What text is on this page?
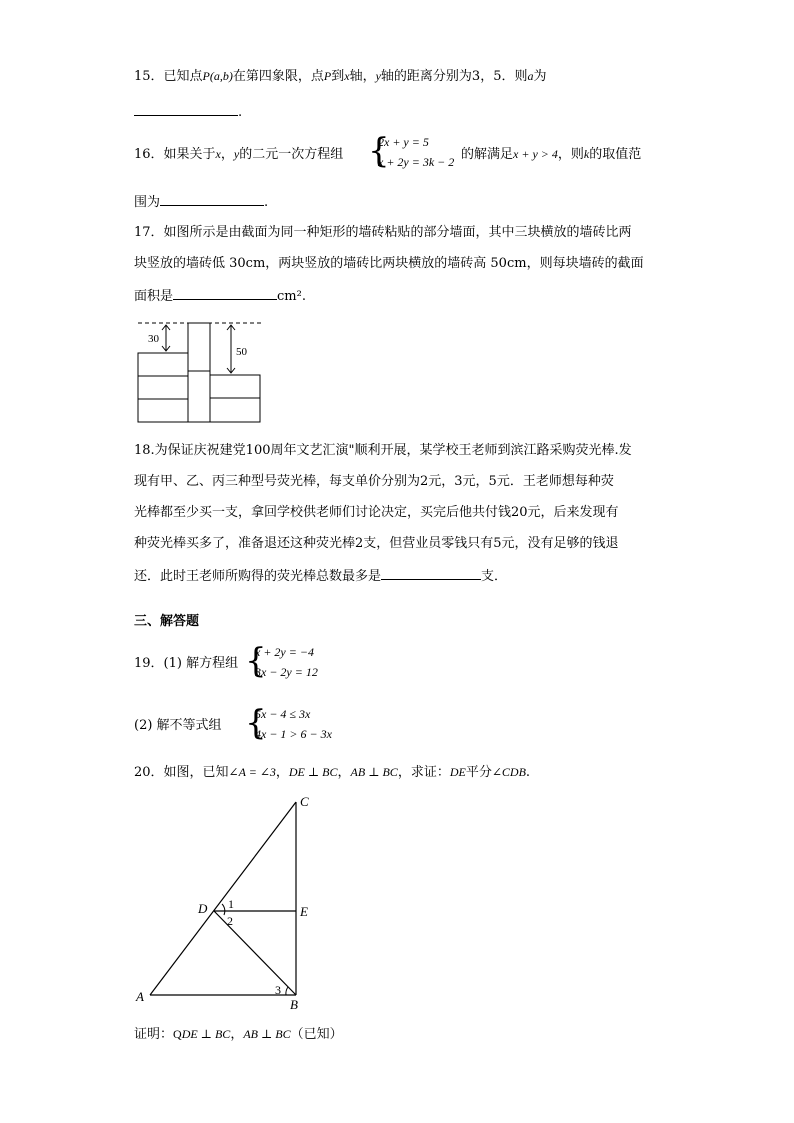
15．已知点P(a,b)在第四象限，点P到x轴，y轴的距离分别为3，5．则a为
.
16．如果关于x，y的二元一次方程组 {
2x + y = 5
x + 2y = 3k − 2 的解满足x + y > 4，则k的取值范
围为	.
17．如图所示是由截面为同一种矩形的墙砖粘贴的部分墙面，其中三块横放的墙砖比两
块竖放的墙砖低 30cm，两块竖放的墙砖比两块横放的墙砖高 50cm，则每块墙砖的截面
面积是	cm².
30
50
18.为保证庆祝建党100周年文艺汇演"顺利开展，某学校王老师到滨江路采购荧光棒.发
现有甲、乙、丙三种型号荧光棒，每支单价分别为2元，3元，5元．王老师想每种荧
光棒都至少买一支，拿回学校供老师们讨论决定，买完后他共付钱20元，后来发现有
种荧光棒买多了，准备退还这种荧光棒2支，但营业员零钱只有5元，没有足够的钱退
还．此时王老师所购得的荧光棒总数最多是	支．
三、解答题
19．(1) 解方程组 {
x + 2y = −4
3x − 2y = 12
(2) 解不等式组 {
5x − 4 ≤ 3x
4x − 1 > 6 − 3x
20．如图，已知∠A = ∠3，DE ⊥ BC，AB ⊥ BC，求证：DE平分∠CDB.
C
D	E
A
B
1
2
3
证明：QDE ⊥ BC，AB ⊥ BC（已知）
